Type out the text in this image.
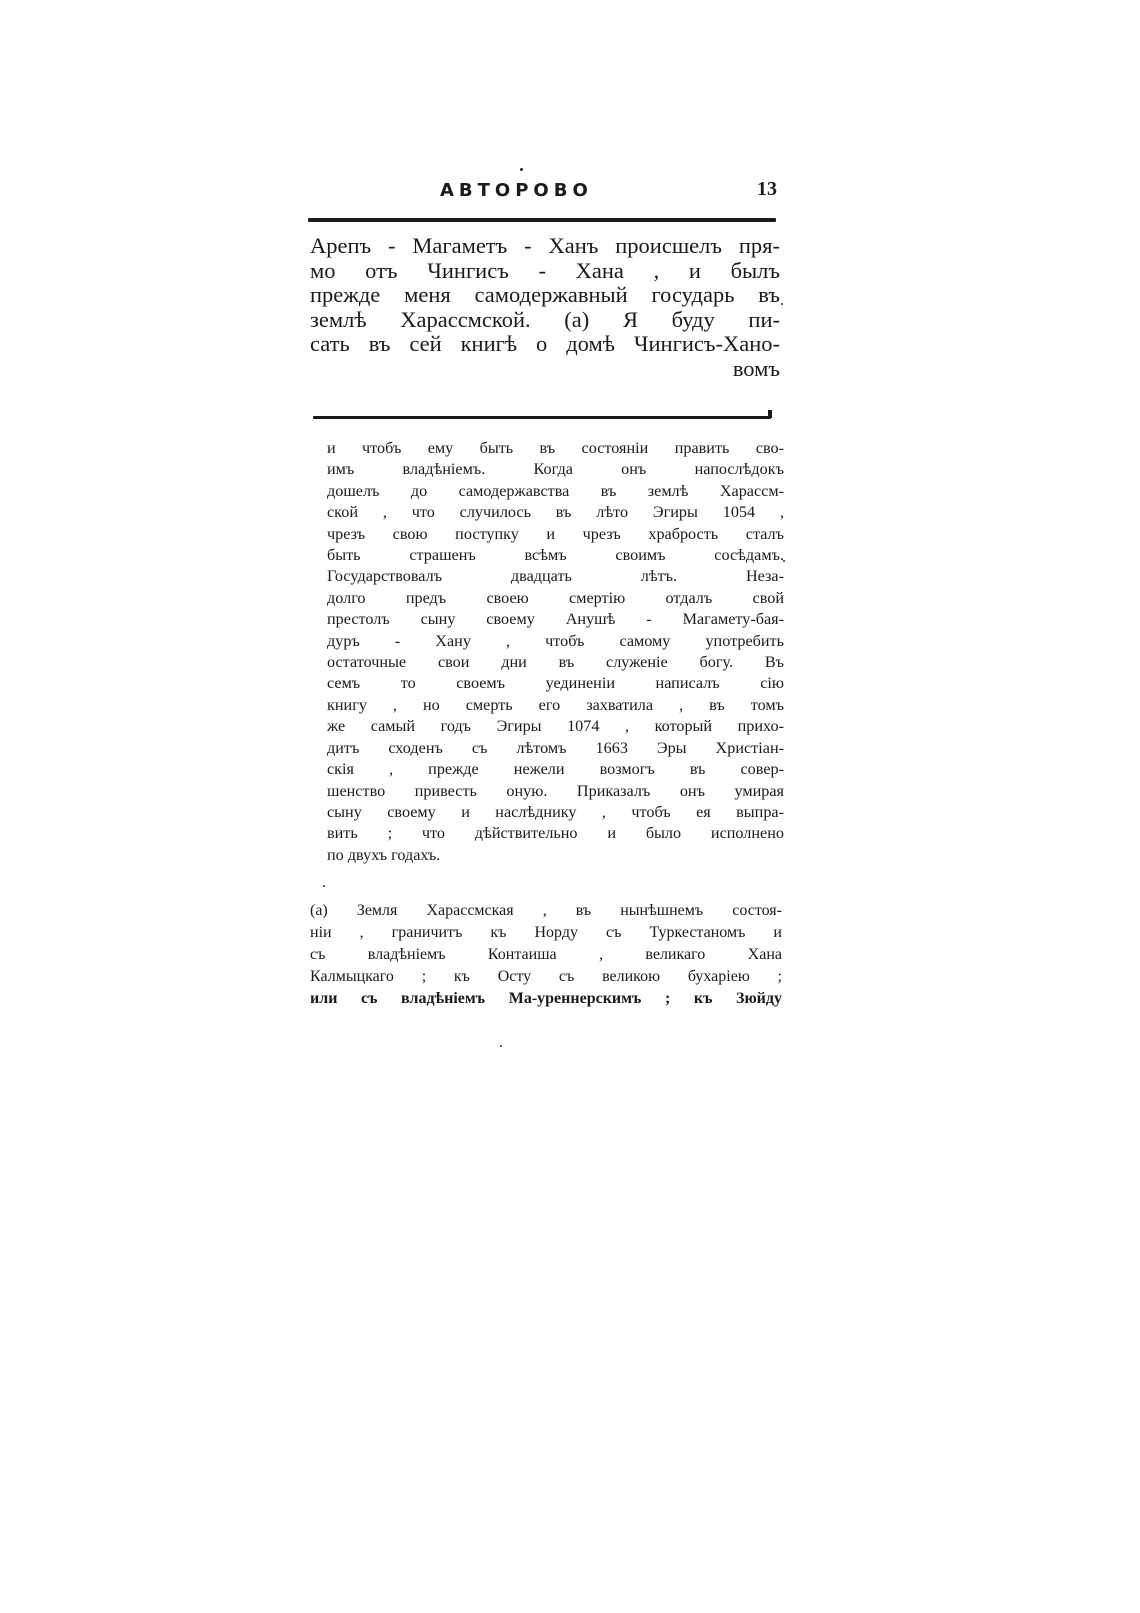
АВТОРОВО	13
Арепъ - Магаметъ - Ханъ происшелъ пря-
мо отъ Чингисъ - Хана , и былъ
прежде меня самодержавный государь въ
землѣ Харассмской. (а) Я буду пи-
сать въ сей книгѣ о домѣ Чингисъ-Хано-
вомъ
и чтобъ ему быть въ состоянiи править сво-
имъ владѣнiемъ. Когда онъ напослѣдокъ
дошелъ до самодержавства въ землѣ Харассм-
ской , что случилось въ лѣто Эгиры 1054 ,
чрезъ свою поступку и чрезъ храбрость сталъ
быть страшенъ всѣмъ своимъ сосѣдамъ.
Государствовалъ двадцать лѣтъ. Неза-
долго предъ своею смертiю отдалъ свой
престолъ сыну своему Анушѣ - Магамету-бая-
дуръ - Хану , чтобъ самому употребить
остаточные свои дни въ служенiе богу. Въ
семъ то своемъ уединенiи написалъ сiю
книгу , но смерть его захватила , въ томъ
же самый годъ Эгиры 1074 , который прихо-
дитъ сходенъ съ лѣтомъ 1663 Эры Христiан-
скiя , прежде нежели возмогъ въ совер-
шенство привесть оную. Приказалъ онъ умирая
сыну своему и наслѣднику , чтобъ ея выпра-
вить ; что дѣйствительно и было исполнено
по двухъ годахъ.
(а) Земля Харассмская , въ нынѣшнемъ состоя-
нiи , граничитъ къ Норду съ Туркестаномъ и
съ владѣнiемъ Контаиша , великаго Хана
Калмыцкаго ; къ Осту съ великою бухарiею ;
или съ владѣнiемъ Ма-уреннерскимъ ; къ Зюйду
